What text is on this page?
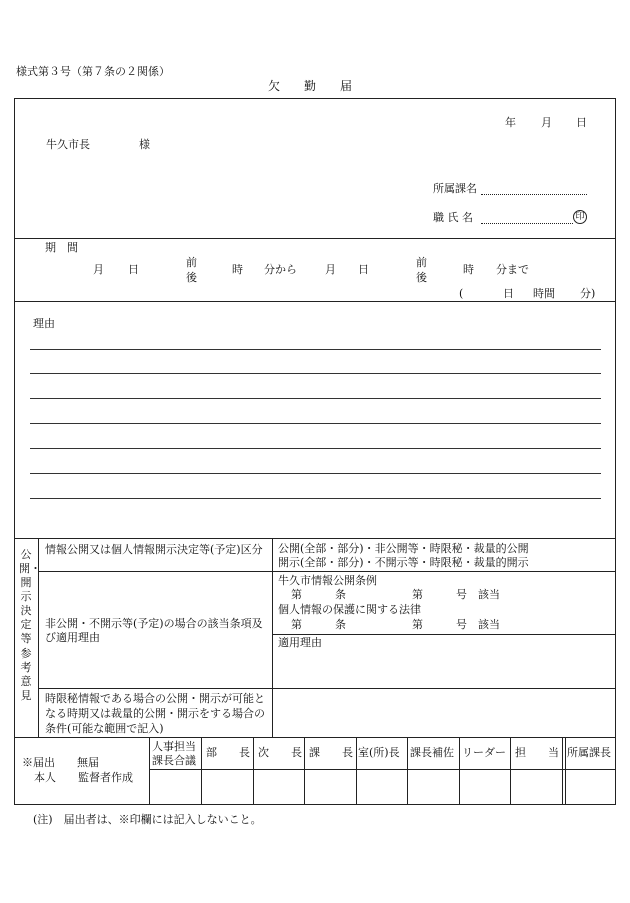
様式第３号（第７条の２関係）
欠　　勤　　届
年 月 日
牛久市長	様
所属課名
職 氏 名	印
期　間
月 日
前
後
時 分から	月 日
前
後
時 分まで
(	日 時間 分)
理由
公開・開示決定等参考意見
情報公開又は個人情報開示決定等(予定)区分	公開(全部・部分)・非公開等・時限秘・裁量的公開
開示(全部・部分)・不開示等・時限秘・裁量的開示
非公開・不開示等(予定)の場合の該当条項及び適用理由
牛久市情報公開条例
第　　　条　　　　　　第　　　号　該当
個人情報の保護に関する法律
第　　　条　　　　　　第　　　号　該当
適用理由
時限秘情報である場合の公開・開示が可能となる時期又は裁量的公開・開示をする場合の条件(可能な範囲で記入)
※届出　　無届
本人　　監督者作成
人事担当課長合議
部　　長 次　　長 課　　長 室(所)長 課長補佐 リーダー 担　　当 所属課長
(注)　届出者は、※印欄には記入しないこと。
